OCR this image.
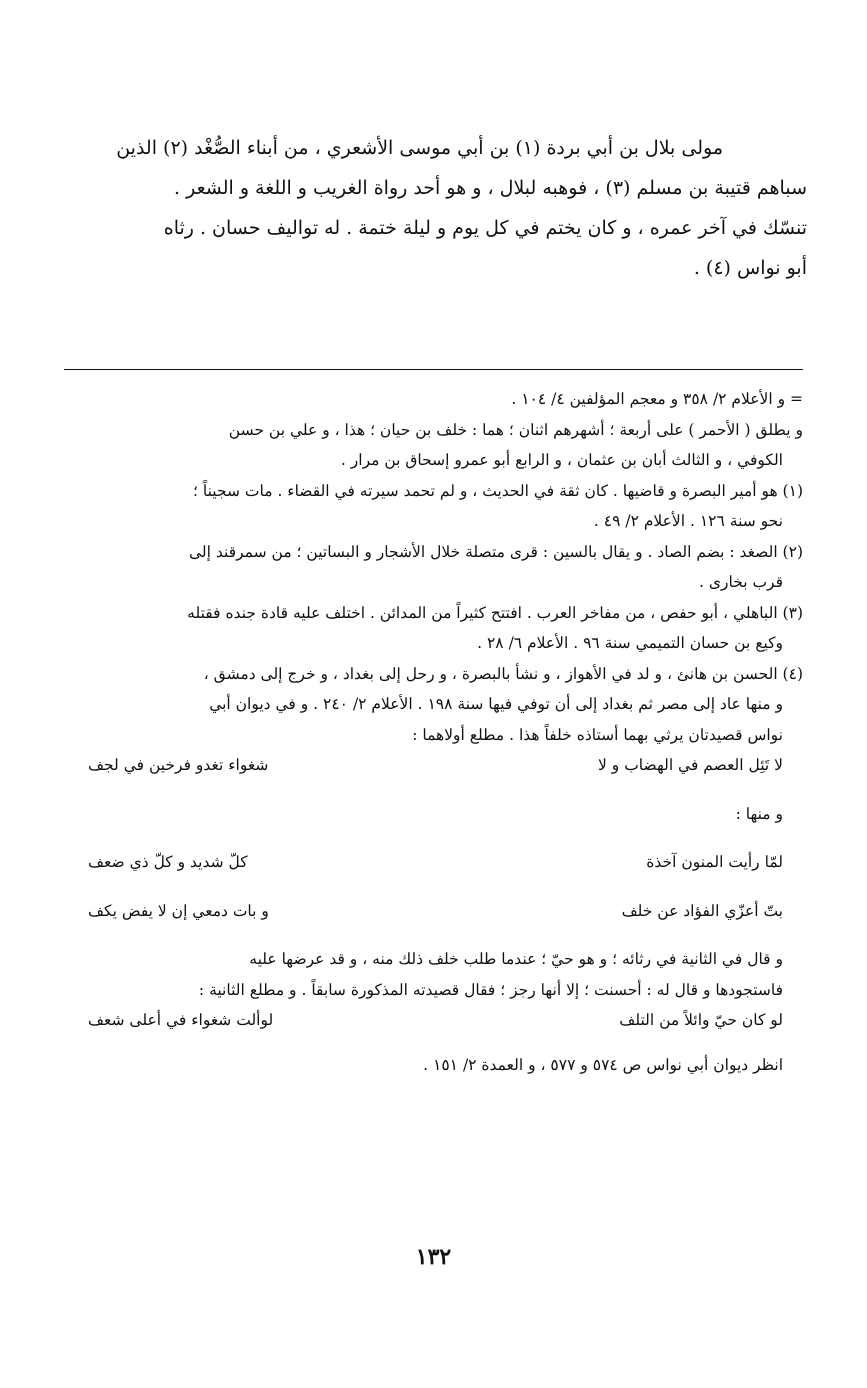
مولى بلال بن أبي بردة (١) بن أبي موسى الأشعري ، من أبناء الصُّغْد (٢) الذين
سباهم قتيبة بن مسلم (٣) ، فوهبه لبلال ، و هو أحد رواة الغريب و اللغة و الشعر .
تنسّك في آخر عمره ، و كان يختم في كل يوم و ليلة ختمة . له تواليف حسان . رثاه
أبو نواس (٤) .
= و الأعلام ٢/ ٣٥٨ و معجم المؤلفين ٤/ ١٠٤ .
و يطلق ( الأحمر ) على أربعة ؛ أشهرهم اثنان ؛ هما : خلف بن حيان ؛ هذا ، و علي بن حسن
الكوفي ، و الثالث أبان بن عثمان ، و الرابع أبو عمرو إسحاق بن مرار .
(١) هو أمير البصرة و قاضيها . كان ثقة في الحديث ، و لم تحمد سيرته في القضاء . مات سجيناً ؛
نحو سنة ١٢٦ . الأعلام ٢/ ٤٩ .
(٢) الصغد : بضم الصاد . و يقال بالسين : قرى متصلة خلال الأشجار و البساتين ؛ من سمرقند إلى
قرب بخارى .
(٣) الباهلي ، أبو حفص ، من مفاخر العرب . افتتح كثيراً من المدائن . اختلف عليه قادة جنده فقتله
وكيع بن حسان التميمي سنة ٩٦ . الأعلام ٦/ ٢٨ .
(٤) الحسن بن هانئ ، و لد في الأهواز ، و نشأ بالبصرة ، و رحل إلى بغداد ، و خرج إلى دمشق ،
و منها عاد إلى مصر ثم بغداد إلى أن توفي فيها سنة ١٩٨ . الأعلام ٢/ ٢٤٠ . و في ديوان أبي
نواس قصيدتان يرثي بهما أستاذه خلفاً هذا . مطلع أولاهما :
لا تَئِل العصم في الهضاب و لا
شغواء تغدو فرخين في لجف
و منها :
لمّا رأيت المنون آخذة
كلّ شديد و كلّ ذي ضعف
بتّ أعزّي الفؤاد عن خلف
و بات دمعي إن لا يفض يكف
و قال في الثانية في رثائه ؛ و هو حيّ ؛ عندما طلب خلف ذلك منه ، و قد عرضها عليه
فاستجودها و قال له : أحسنت ؛ إلا أنها رجز ؛ فقال قصيدته المذكورة سابقاً . و مطلع الثانية :
لو كان حيّ وائلاً من التلف
لوألت شغواء في أعلى شعف
انظر ديوان أبي نواس ص ٥٧٤ و ٥٧٧ ، و العمدة ٢/ ١٥١ .
١٣٢
